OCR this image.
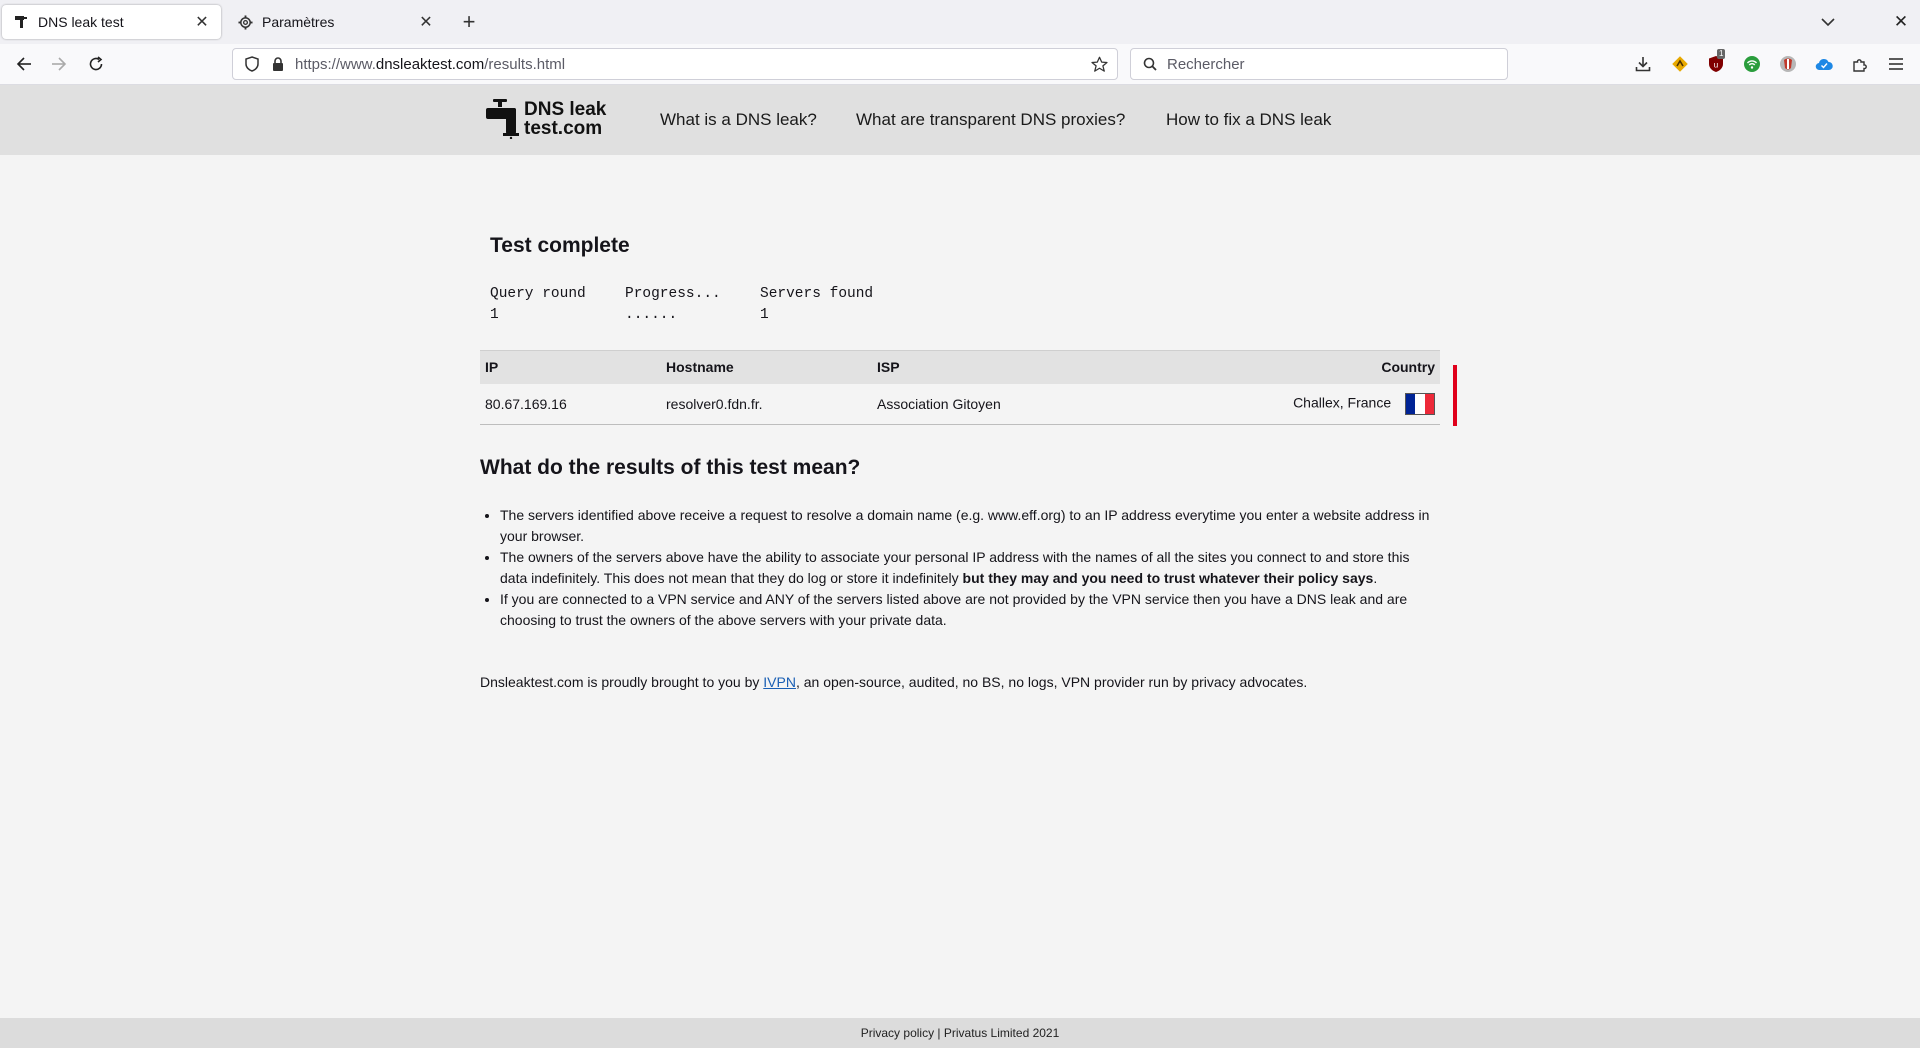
DNS leak test	✕	Paramètres	✕ +	✕
https://www.dnsleaktest.com/results.html
Rechercher	u
1
DNS leak
test.com	What is a DNS leak? What are transparent DNS proxies? How to fix a DNS leak
Test complete
Query round	Progress...	Servers found
1	......	1
IP	Hostname	ISP	Country
80.67.169.16	resolver0.fdn.fr.	Association Gitoyen	Challex, France
What do the results of this test mean?
• The servers identified above receive a request to resolve a domain name (e.g. www.eff.org) to an IP address everytime you enter a website address in your browser.
• The owners of the servers above have the ability to associate your personal IP address with the names of all the sites you connect to and store this data indefinitely. This does not mean that they do log or store it indefinitely but they may and you need to trust whatever their policy says.
• If you are connected to a VPN service and ANY of the servers listed above are not provided by the VPN service then you have a DNS leak and are choosing to trust the owners of the above servers with your private data.

Dnsleaktest.com is proudly brought to you by IVPN, an open-source, audited, no BS, no logs, VPN provider run by privacy advocates.

Privacy policy | Privatus Limited 2021
